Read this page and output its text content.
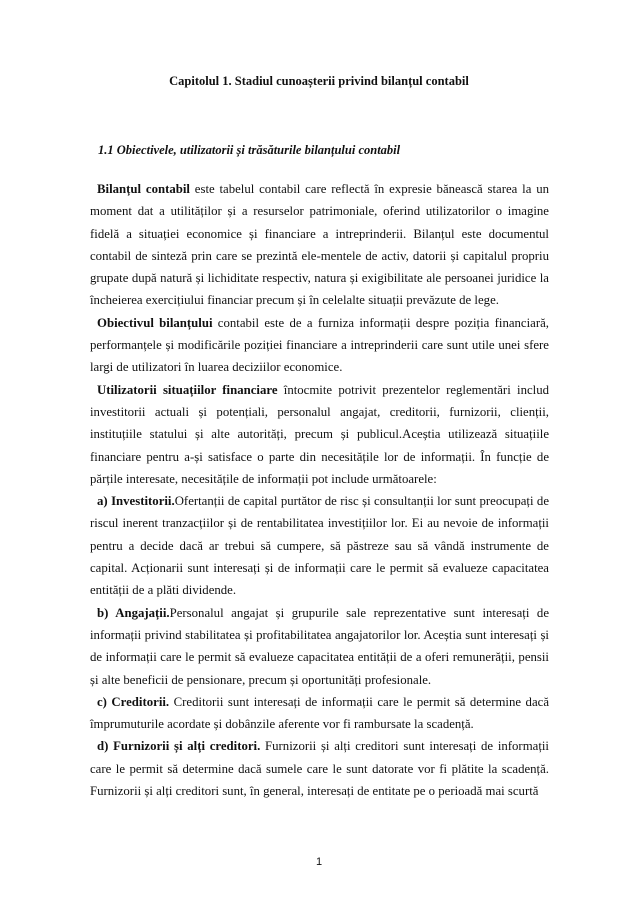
Capitolul 1. Stadiul cunoașterii privind bilanțul contabil
1.1 Obiectivele, utilizatorii și trăsăturile bilanțului contabil

Bilanțul contabil este tabelul contabil care reflectă în expresie bănească starea la un moment dat a utilităților și a resurselor patrimoniale, oferind utilizatorilor o imagine fidelă a situației economice și financiare a intreprinderii. Bilanțul este documentul contabil de sinteză prin care se prezintă ele-mentele de activ, datorii și capitalul propriu grupate după natură și lichiditate respectiv, natura și exigibilitate ale persoanei juridice la încheierea exercițiului financiar precum și în celelalte situații prevăzute de lege.

Obiectivul bilanțului contabil este de a furniza informații despre poziția financiară, performanțele și modificările poziției financiare a intreprinderii care sunt utile unei sfere largi de utilizatori în luarea deciziilor economice.

Utilizatorii situațiilor financiare întocmite potrivit prezentelor reglementări includ investitorii actuali și potențiali, personalul angajat, creditorii, furnizorii, clienții, instituțiile statului și alte autorități, precum și publicul.Aceștia utilizează situațiile financiare pentru a-și satisface o parte din necesitățile lor de informații. În funcție de părțile interesate, necesitățile de informații pot include următoarele:

a) Investitorii.Ofertanții de capital purtător de risc și consultanții lor sunt preocupați de riscul inerent tranzacțiilor și de rentabilitatea investițiilor lor. Ei au nevoie de informații pentru a decide dacă ar trebui să cumpere, să păstreze sau să vândă instrumente de capital. Acționarii sunt interesați și de informații care le permit să evalueze capacitatea entității de a plăti dividende.

b) Angajații.Personalul angajat și grupurile sale reprezentative sunt interesați de informații privind stabilitatea și profitabilitatea angajatorilor lor. Aceștia sunt interesați și de informații care le permit să evalueze capacitatea entității de a oferi remunerății, pensii și alte beneficii de pensionare, precum și oportunități profesionale.

c) Creditorii. Creditorii sunt interesați de informații care le permit să determine dacă împrumuturile acordate și dobânzile aferente vor fi rambursate la scadență.

d) Furnizorii și alți creditori. Furnizorii și alți creditori sunt interesați de informații care le permit să determine dacă sumele care le sunt datorate vor fi plătite la scadență. Furnizorii și alți creditori sunt, în general, interesați de entitate pe o perioadă mai scurtă

1
